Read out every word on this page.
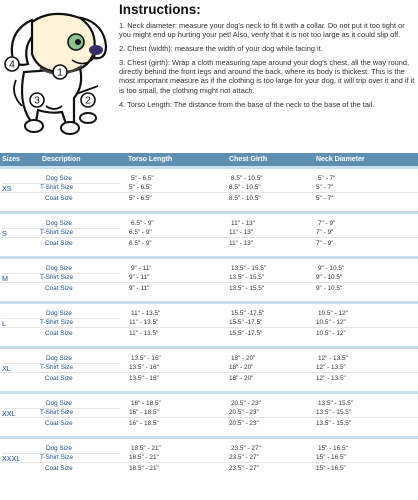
1
2
3
4
Instructions:

1. Neck diameter: measure your dog's neck to fit it with a collar. Do not put it too tight or you might end up hurting your pet! Also, venfy that it is not too large as it could slip off.

2. Chest (width): measure the width of your dog while facing it.

3. Chest (girth): Wrap a cloth measuring tape around your dog's chest, all the way round, directly behind the front legs and around the back, where its body is thickest. This is the most important measure as if the clothing is too large for your dog, it will trip over it and if it is too small, the clothing might not attach.

4. Torso Length: The distance from the base of the neck to the base of the tail.

Sizes	Description	Torso Length	Chest Girth	Neck Diameter
XS
Dog Size	5" - 6.5"	8.5" - 10.5"	5" - 7"
T-Shirt Size	5" - 6.5"	8.5" - 10.5"	5" - 7"
Coat Size	5" - 6.5"	8.5" - 10.5"	5" - 7"
S
Dog Size	6.5" - 9"	11" - 13"	7" - 9"
T-Shirt Size	6.5" - 9"	11" - 13"	7" - 9"
Coat Size	6.5" - 9"	11" - 13"	7" - 9"
M
Dog Size	9" - 11"	13.5" - 15.5"	9" - 10.5"
T-Shirt Size	9" - 11"	13.5" - 15.5"	9" - 10.5"
Coat Size	9" - 11"	13.5" - 15.5"	9" - 10.5"
L
Dog Size	11" - 13.5"	15.5" -17.5"	10.5" - 12"
T-Shirt Size	11" - 13.5"	15.5" -17.5"	10.5" - 12"
Coat Size	11" - 13.5"	15.5" -17.5"	10.5" - 12"
XL
Dog Size	13.5" - 16"	18" - 20"	12" - 13.5"
T-Shirt Size	13.5" - 16"	18" - 20"	12" - 13.5"
Coat Size	13.5" - 16"	18" - 20"	12" - 13.5"
XXL
Dog Size	16" - 18.5"	20.5" - 23"	13.5" - 15.5"
T-Shirt Size	16" - 18.5"	20.5" - 23"	13.5" - 15.5"
Coat Size	16" - 18.5"	20.5" - 23"	13.5" - 15.5"
XXXL
Dog Size	18.5" - 21"	23.5" - 27"	15" - 16.5"
T-Shirt Size	18.5" - 21"	23.5" - 27"	15" - 16.5"
Coat Size	18.5" - 21"	23.5" - 27"	15" - 16.5"
